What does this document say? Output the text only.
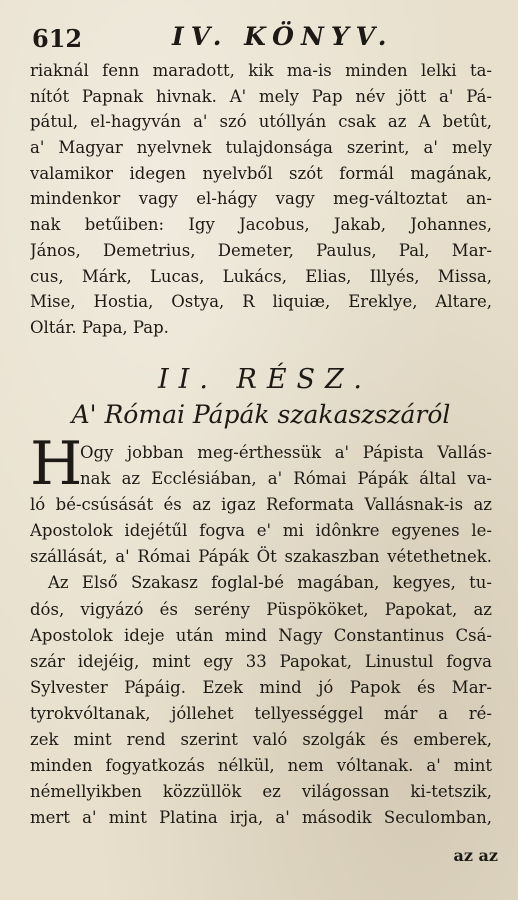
612	IV. KÖNYV.
riaknál fenn maradott, kik ma-is minden lelki ta-
nítót Papnak hivnak. A' mely Pap név jött a' Pá-
pátul, el-hagyván a' szó utóllyán csak az A betût,
a' Magyar nyelvnek tulajdonsága szerint, a' mely
valamikor idegen nyelvből szót formál magának,
mindenkor vagy el-hágy vagy meg-változtat an-
nak betűiben: Igy Jacobus, Jakab, Johannes,
János, Demetrius, Demeter, Paulus, Pal, Mar-
cus, Márk, Lucas, Lukács, Elias, Illyés, Missa,
Mise, Hostia, Ostya, R liquiæ, Ereklye, Altare,
Oltár. Papa, Pap.
II. RÉSZ.
A' Római Pápák szakaszszáról
H
Ogy jobban meg-érthessük a' Pápista Vallás-
nak az Ecclésiában, a' Római Pápák által va-
ló bé-csúsását és az igaz Reformata Vallásnak-is az
Apostolok idejétűl fogva e' mi idônkre egyenes le-
szállását, a' Római Pápák Öt szakaszban vétethetnek.
Az Első Szakasz foglal-bé magában, kegyes, tu-
dós, vigyázó és serény Püspököket, Papokat, az
Apostolok ideje után mind Nagy Constantinus Csá-
szár idejéig, mint egy 33 Papokat, Linustul fogva
Sylvester Pápáig. Ezek mind jó Papok és Mar-
tyrokvóltanak, jóllehet tellyességgel már a ré-
zek mint rend szerint való szolgák és emberek,
minden fogyatkozás nélkül, nem vóltanak. a' mint
némellyikben közzüllök ez világossan ki-tetszik,
mert a' mint Platina irja, a' második Seculomban,
az az
